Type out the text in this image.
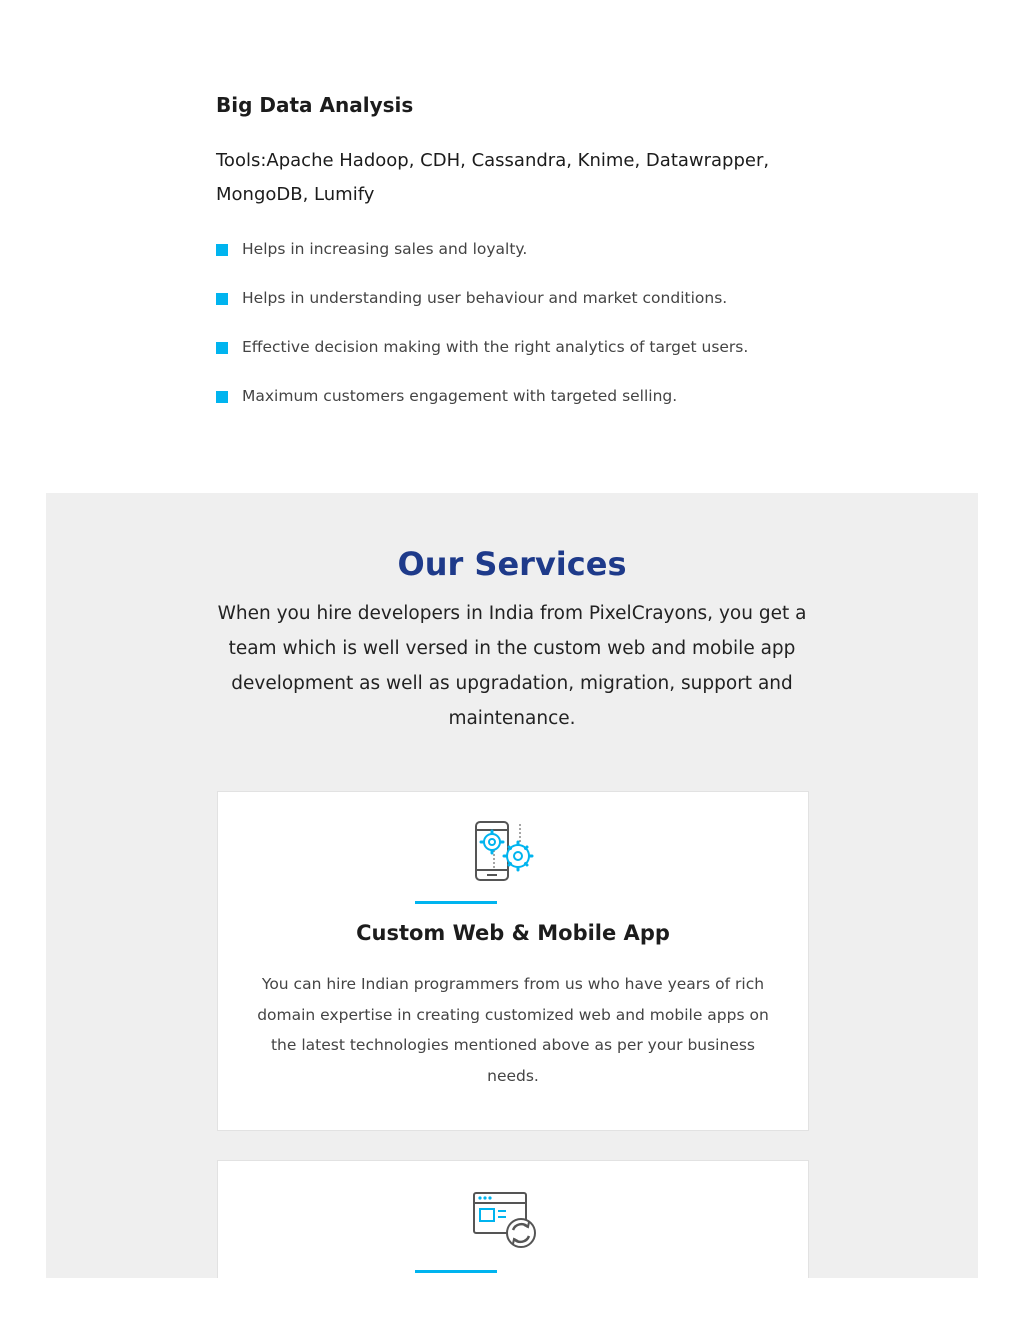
Big Data Analysis

Tools:Apache Hadoop, CDH, Cassandra, Knime, Datawrapper, MongoDB, Lumify

Helps in increasing sales and loyalty.
Helps in understanding user behaviour and market conditions.
Effective decision making with the right analytics of target users.
Maximum customers engagement with targeted selling.
Our Services

When you hire developers in India from PixelCrayons, you get a team which is well versed in the custom web and mobile app development as well as upgradation, migration, support and maintenance.

Custom Web & Mobile App

You can hire Indian programmers from us who have years of rich domain expertise in creating customized web and mobile apps on the latest technologies mentioned above as per your business needs.
